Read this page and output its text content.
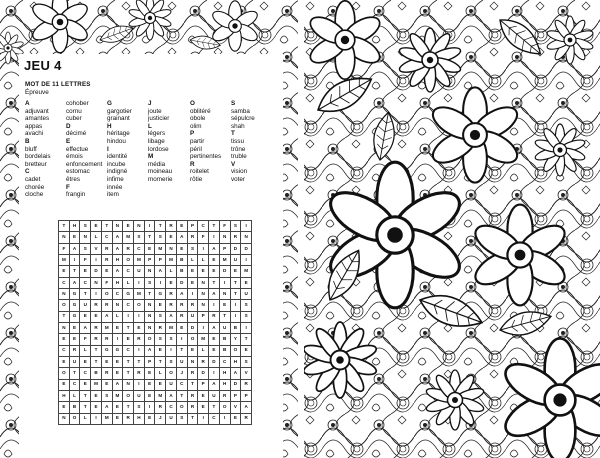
JEU 4
MOT DE 11 LETTRES
Épreuve
A
adjuvant
amantes
appas
avachi
B
bluff
bordelais
bretteur
C
cadet
chorée
cloche
cohober
cornu
cuber
D
décimé
E
effectue
émois
enfoncement
estomac
êtres
F
frangin
G
gargotier
grainant
H
héritage
hindou
I
identité
incube
indigné
infime
innée
item
J
joute
justicier
L
légers
libage
lordose
M
média
moineau
momerie
O
oblitéré
obole
olim
P
partir
péril
pertinentes
R
roitelet
rôtie
S
samba
sépulcre
shah
T
tissu
trône
truble
V
vision
voter
T	H	S	E	T	N	E	N	I	T	R	E	P	C	T	F	S	I
N	E	N	L	C	A	M	S	T	S	E	A	R	F	I	N	R	N
F	A	S	V	R	A	R	C	E	M	N	E	S	I	A	P	D	D
M	I	F	I	R	H	O	M	P	P	M	B	L	L	E	M	U	I
E	T	E	D	E	A	C	U	N	A	L	B	E	E	E	D	E	M
C	A	C	N	F	H	L	I	S	I	E	D	E	N	T	I	T	E
N	G	T	I	O	C	G	M	T	G	R	A	I	N	A	N	T	U
O	G	U	R	R	N	C	O	N	E	R	R	R	N	I	E	I	S
T	G	E	E	A	L	I	I	N	S	A	R	U	P	R	T	I	S
N	E	A	R	M	E	T	E	N	R	M	E	D	I	A	U	B	I
E	E	F	R	R	I	E	R	O	S	S	I	O	M	E	B	Y	T
C	R	L	T	G	G	C	I	A	E	I	T	E	L	E	B	O	E
E	U	E	T	E	E	T	T	P	T	S	U	N	R	D	C	H	S
O	T	C	B	R	E	T	R	E	L	O	J	R	D	I	H	A	V
E	C	E	M	E	A	N	I	E	E	U	C	T	P	A	H	D	R
H	L	T	E	S	M	O	U	E	M	A	T	R	E	U	R	P	P
E	B	T	E	A	E	T	S	I	R	C	O	R	E	T	O	V	A
N	O	L	I	M	E	R	H	E	J	U	S	T	I	C	I	E	R
